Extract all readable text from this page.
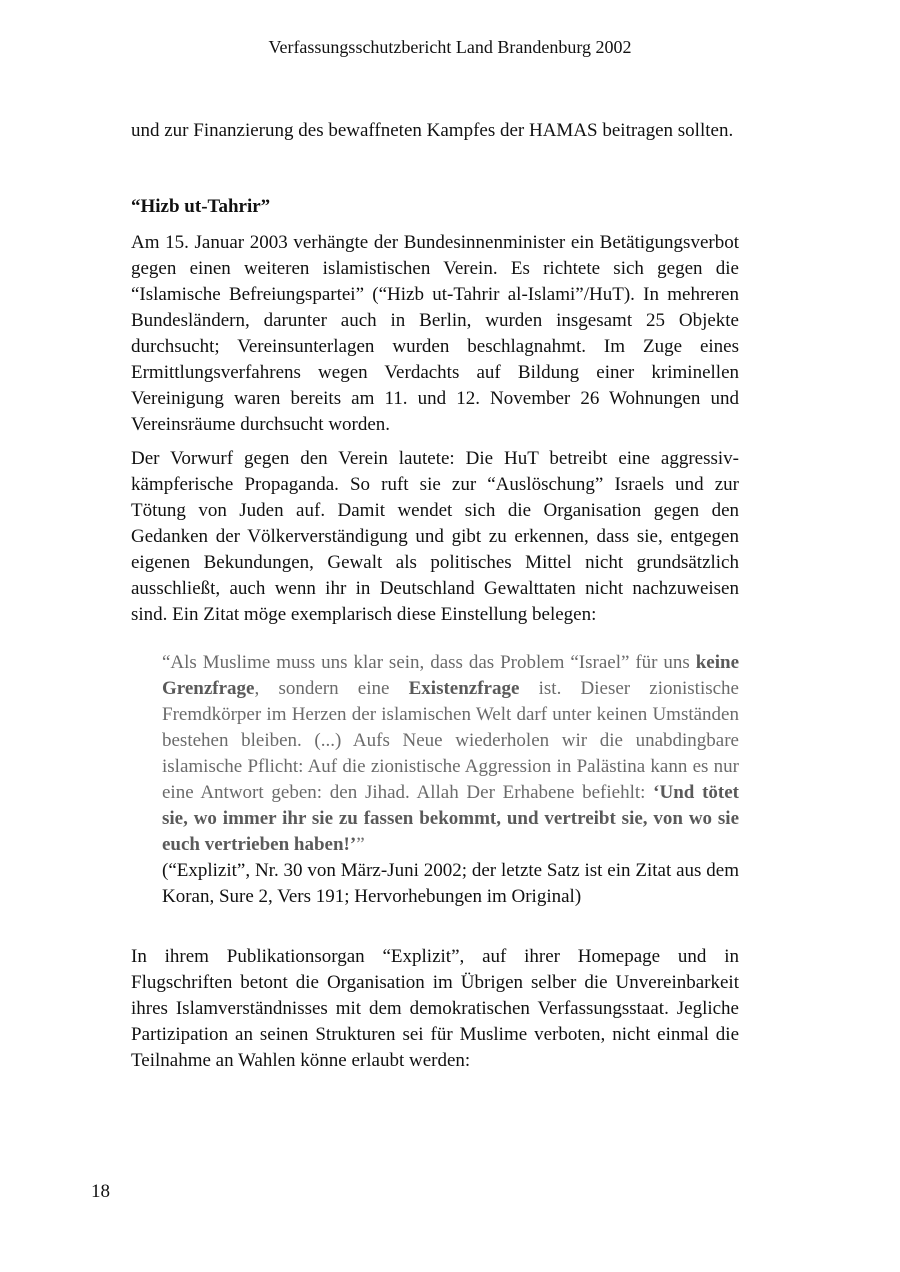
Verfassungsschutzbericht Land Brandenburg 2002

und zur Finanzierung des bewaffneten Kampfes der HAMAS beitragen sollten.

“Hizb ut-Tahrir”

Am 15. Januar 2003 verhängte der Bundesinnenminister ein Betätigungsverbot gegen einen weiteren islamistischen Verein. Es richtete sich gegen die “Islamische Befreiungspartei” (“Hizb ut-Tahrir al-Islami”/HuT). In mehreren Bundesländern, darunter auch in Berlin, wurden insgesamt 25 Objekte durchsucht; Vereinsunterlagen wurden beschlagnahmt. Im Zuge eines Ermittlungsverfahrens wegen Verdachts auf Bildung einer kriminellen Vereinigung waren bereits am 11. und 12. November 26 Wohnungen und Vereinsräume durchsucht worden.

Der Vorwurf gegen den Verein lautete: Die HuT betreibt eine aggressiv-kämpferische Propaganda. So ruft sie zur “Auslöschung” Israels und zur Tötung von Juden auf. Damit wendet sich die Organisation gegen den Gedanken der Völkerverständigung und gibt zu erkennen, dass sie, entgegen eigenen Bekundungen, Gewalt als politisches Mittel nicht grundsätzlich ausschließt, auch wenn ihr in Deutschland Gewalttaten nicht nachzuweisen sind. Ein Zitat möge exemplarisch diese Einstellung belegen:

“Als Muslime muss uns klar sein, dass das Problem “Israel” für uns keine Grenzfrage, sondern eine Existenzfrage ist. Dieser zionistische Fremdkörper im Herzen der islamischen Welt darf unter keinen Umständen bestehen bleiben. (...) Aufs Neue wiederholen wir die unabdingbare islamische Pflicht: Auf die zionistische Aggression in Palästina kann es nur eine Antwort geben: den Jihad. Allah Der Erhabene befiehlt: ‘Und tötet sie, wo immer ihr sie zu fassen bekommt, und vertreibt sie, von wo sie euch vertrieben haben!’”

(“Explizit”, Nr. 30 von März-Juni 2002; der letzte Satz ist ein Zitat aus dem Koran, Sure 2, Vers 191; Hervorhebungen im Original)

In ihrem Publikationsorgan “Explizit”, auf ihrer Homepage und in Flugschriften betont die Organisation im Übrigen selber die Unvereinbarkeit ihres Islamverständnisses mit dem demokratischen Verfassungsstaat. Jegliche Partizipation an seinen Strukturen sei für Muslime verboten, nicht einmal die Teilnahme an Wahlen könne erlaubt werden:

18
